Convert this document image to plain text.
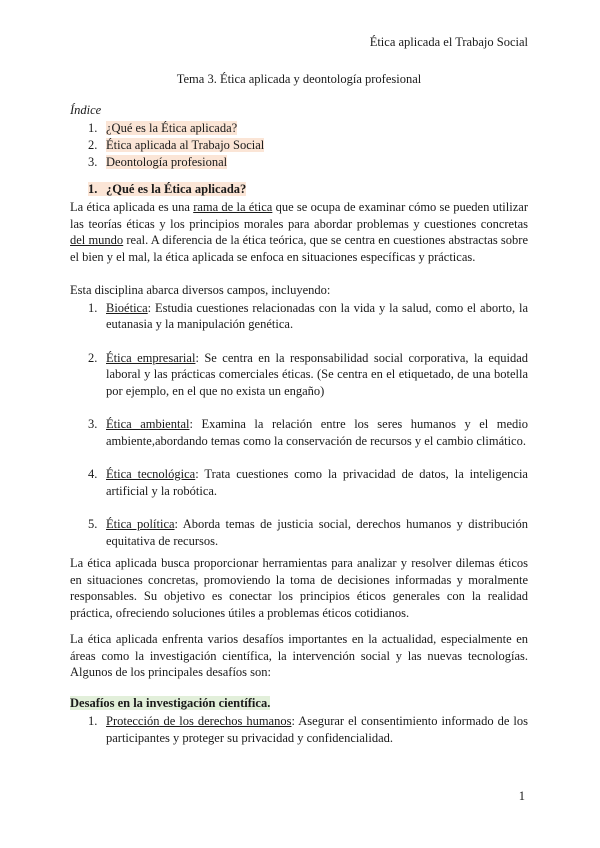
Ética aplicada el Trabajo Social
Tema 3. Ética aplicada y deontología profesional
Índice
1. ¿Qué es la Ética aplicada?
2. Ética aplicada al Trabajo Social
3. Deontología profesional
1. ¿Qué es la Ética aplicada?
La ética aplicada es una rama de la ética que se ocupa de examinar cómo se pueden utilizar las teorías éticas y los principios morales para abordar problemas y cuestiones concretas del mundo real. A diferencia de la ética teórica, que se centra en cuestiones abstractas sobre el bien y el mal, la ética aplicada se enfoca en situaciones específicas y prácticas.
Esta disciplina abarca diversos campos, incluyendo:
1. Bioética: Estudia cuestiones relacionadas con la vida y la salud, como el aborto, la eutanasia y la manipulación genética.
2. Ética empresarial: Se centra en la responsabilidad social corporativa, la equidad laboral y las prácticas comerciales éticas. (Se centra en el etiquetado, de una botella por ejemplo, en el que no exista un engaño)
3. Ética ambiental: Examina la relación entre los seres humanos y el medio ambiente,abordando temas como la conservación de recursos y el cambio climático.
4. Ética tecnológica: Trata cuestiones como la privacidad de datos, la inteligencia artificial y la robótica.
5. Ética política: Aborda temas de justicia social, derechos humanos y distribución equitativa de recursos.
La ética aplicada busca proporcionar herramientas para analizar y resolver dilemas éticos en situaciones concretas, promoviendo la toma de decisiones informadas y moralmente responsables. Su objetivo es conectar los principios éticos generales con la realidad práctica, ofreciendo soluciones útiles a problemas éticos cotidianos.
La ética aplicada enfrenta varios desafíos importantes en la actualidad, especialmente en áreas como la investigación científica, la intervención social y las nuevas tecnologías. Algunos de los principales desafíos son:
Desafíos en la investigación científica.
1. Protección de los derechos humanos: Asegurar el consentimiento informado de los participantes y proteger su privacidad y confidencialidad.
1
